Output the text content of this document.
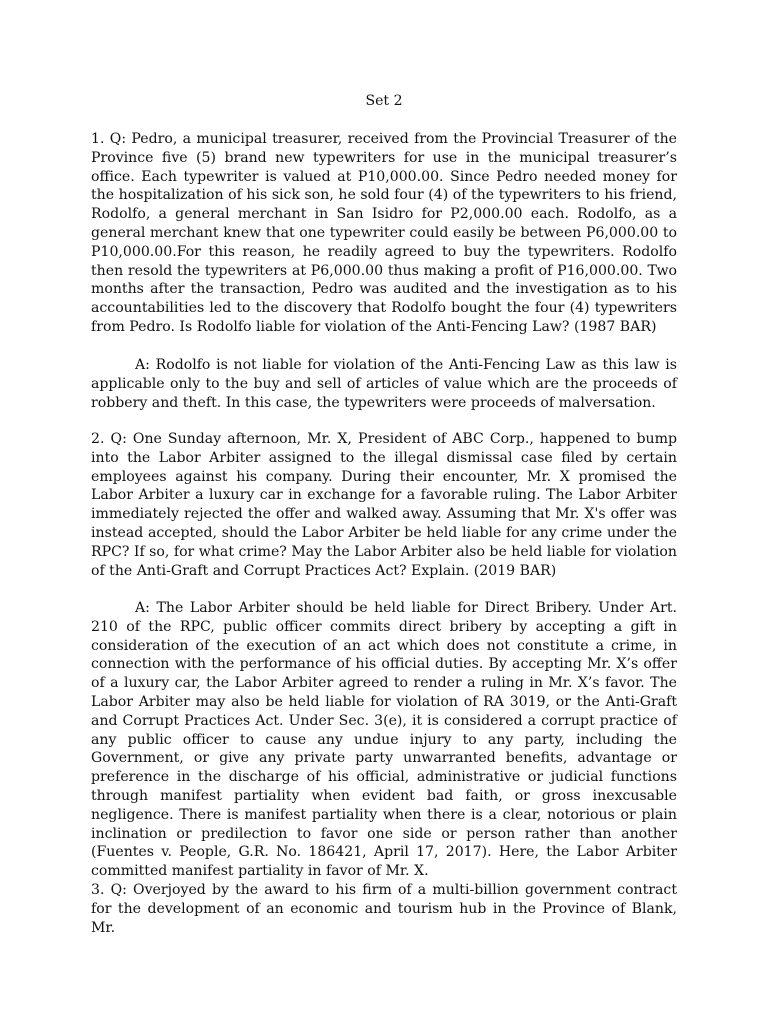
Set 2

1. Q: Pedro, a municipal treasurer, received from the Provincial Treasurer of the Province five (5) brand new typewriters for use in the municipal treasurer’s office. Each typewriter is valued at P10,000.00. Since Pedro needed money for the hospitalization of his sick son, he sold four (4) of the typewriters to his friend, Rodolfo, a general merchant in San Isidro for P2,000.00 each. Rodolfo, as a general merchant knew that one typewriter could easily be between P6,000.00 to P10,000.00.For this reason, he readily agreed to buy the typewriters. Rodolfo then resold the typewriters at P6,000.00 thus making a profit of P16,000.00. Two months after the transaction, Pedro was audited and the investigation as to his accountabilities led to the discovery that Rodolfo bought the four (4) typewriters from Pedro. Is Rodolfo liable for violation of the Anti-Fencing Law? (1987 BAR)

A: Rodolfo is not liable for violation of the Anti-Fencing Law as this law is applicable only to the buy and sell of articles of value which are the proceeds of robbery and theft. In this case, the typewriters were proceeds of malversation.

2. Q: One Sunday afternoon, Mr. X, President of ABC Corp., happened to bump into the Labor Arbiter assigned to the illegal dismissal case filed by certain employees against his company. During their encounter, Mr. X promised the Labor Arbiter a luxury car in exchange for a favorable ruling. The Labor Arbiter immediately rejected the offer and walked away. Assuming that Mr. X's offer was instead accepted, should the Labor Arbiter be held liable for any crime under the RPC? If so, for what crime? May the Labor Arbiter also be held liable for violation of the Anti-Graft and Corrupt Practices Act? Explain. (2019 BAR)

A: The Labor Arbiter should be held liable for Direct Bribery. Under Art. 210 of the RPC, public officer commits direct bribery by accepting a gift in consideration of the execution of an act which does not constitute a crime, in connection with the performance of his official duties. By accepting Mr. X’s offer of a luxury car, the Labor Arbiter agreed to render a ruling in Mr. X’s favor. The Labor Arbiter may also be held liable for violation of RA 3019, or the Anti-Graft and Corrupt Practices Act. Under Sec. 3(e), it is considered a corrupt practice of any public officer to cause any undue injury to any party, including the Government, or give any private party unwarranted benefits, advantage or preference in the discharge of his official, administrative or judicial functions through manifest partiality when evident bad faith, or gross inexcusable negligence. There is manifest partiality when there is a clear, notorious or plain inclination or predilection to favor one side or person rather than another (Fuentes v. People, G.R. No. 186421, April 17, 2017). Here, the Labor Arbiter committed manifest partiality in favor of Mr. X.

3. Q: Overjoyed by the award to his firm of a multi-billion government contract for the development of an economic and tourism hub in the Province of Blank, Mr.
